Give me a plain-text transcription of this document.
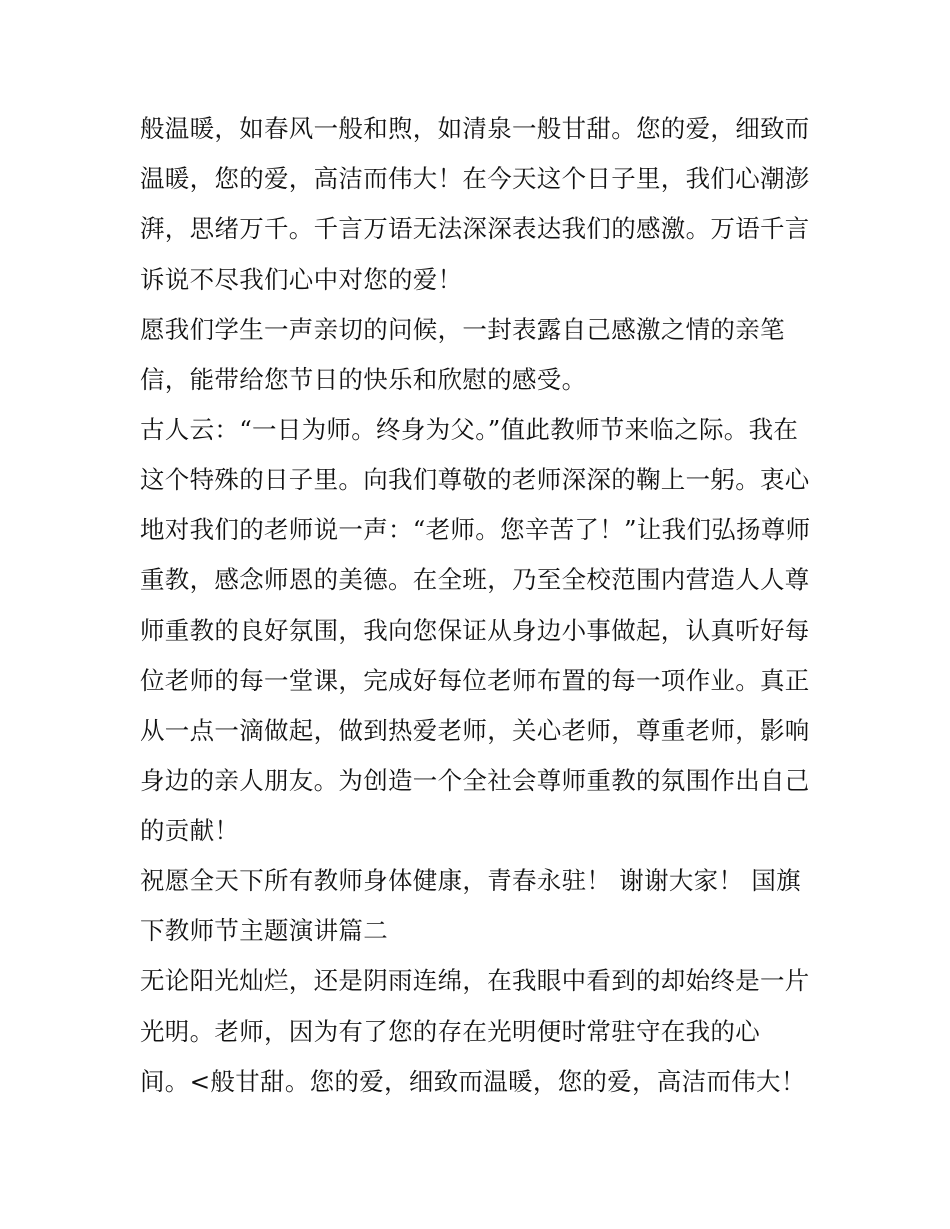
般温暖，如春风一般和煦，如清泉一般甘甜。您的爱，细致而
温暖，您的爱，高洁而伟大！在今天这个日子里，我们心潮澎
湃，思绪万千。千言万语无法深深表达我们的感激。万语千言
诉说不尽我们心中对您的爱！
愿我们学生一声亲切的问候，一封表露自己感激之情的亲笔
信，能带给您节日的快乐和欣慰的感受。
古人云：“一日为师。终身为父。”值此教师节来临之际。我在
这个特殊的日子里。向我们尊敬的老师深深的鞠上一躬。衷心
地对我们的老师说一声：“老师。您辛苦了！”让我们弘扬尊师
重教，感念师恩的美德。在全班，乃至全校范围内营造人人尊
师重教的良好氛围，我向您保证从身边小事做起，认真听好每
位老师的每一堂课，完成好每位老师布置的每一项作业。真正
从一点一滴做起，做到热爱老师，关心老师，尊重老师，影响
身边的亲人朋友。为创造一个全社会尊师重教的氛围作出自己
的贡献！
祝愿全天下所有教师身体健康，青春永驻！ 谢谢大家！ 国旗
下教师节主题演讲篇二
无论阳光灿烂，还是阴雨连绵，在我眼中看到的却始终是一片
光明。老师，因为有了您的存在光明便时常驻守在我的心
间。<般甘甜。您的爱，细致而温暖，您的爱，高洁而伟大！
